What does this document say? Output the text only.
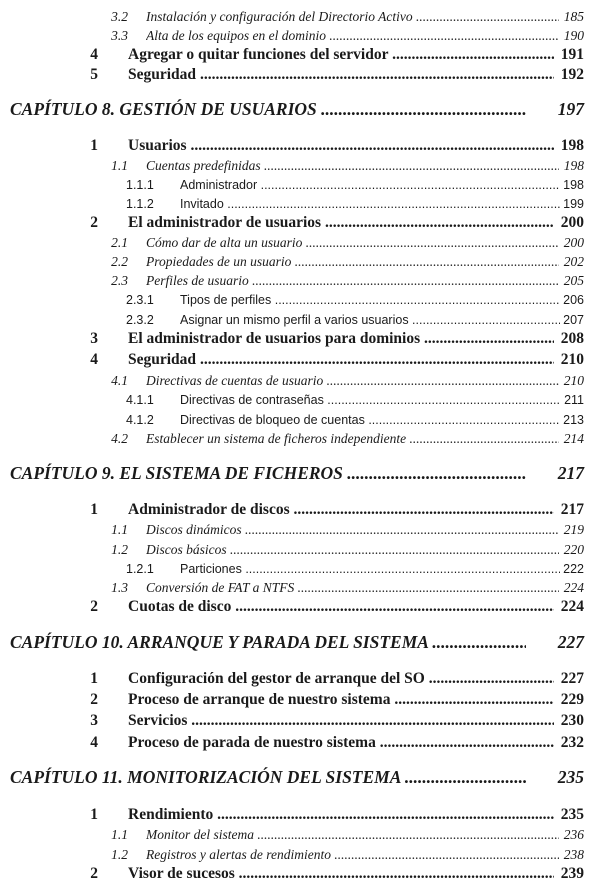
3.2 Instalación y configuración del Directorio Activo .....	185
3.3 Alta de los equipos en el dominio .....	190
4 Agregar o quitar funciones del servidor .....	191
5 Seguridad .....	192
CAPÍTULO 8. GESTIÓN DE USUARIOS .....	197
1 Usuarios .....	198
1.1 Cuentas predefinidas .....	198
1.1.1	Administrador .....	198
1.1.2	Invitado .....	199
2 El administrador de usuarios .....	200
2.1 Cómo dar de alta un usuario .....	200
2.2 Propiedades de un usuario .....	202
2.3 Perfiles de usuario .....	205
2.3.1	Tipos de perfiles .....	206
2.3.2	Asignar un mismo perfil a varios usuarios .....	207
3 El administrador de usuarios para dominios .....	208
4 Seguridad .....	210
4.1 Directivas de cuentas de usuario .....	210
4.1.1	Directivas de contraseñas .....	211
4.1.2	Directivas de bloqueo de cuentas .....	213
4.2 Establecer un sistema de ficheros independiente .....	214
CAPÍTULO 9. EL SISTEMA DE FICHEROS .....	217
1 Administrador de discos .....	217
1.1 Discos dinámicos .....	219
1.2 Discos básicos .....	220
1.2.1	Particiones .....	222
1.3 Conversión de FAT a NTFS .....	224
2 Cuotas de disco .....	224
CAPÍTULO 10. ARRANQUE Y PARADA DEL SISTEMA .....	227
1 Configuración del gestor de arranque del SO .....	227
2 Proceso de arranque de nuestro sistema .....	229
3 Servicios .....	230
4 Proceso de parada de nuestro sistema .....	232
CAPÍTULO 11. MONITORIZACIÓN DEL SISTEMA .....	235
1 Rendimiento .....	235
1.1 Monitor del sistema .....	236
1.2 Registros y alertas de rendimiento .....	238
2 Visor de sucesos .....	239
